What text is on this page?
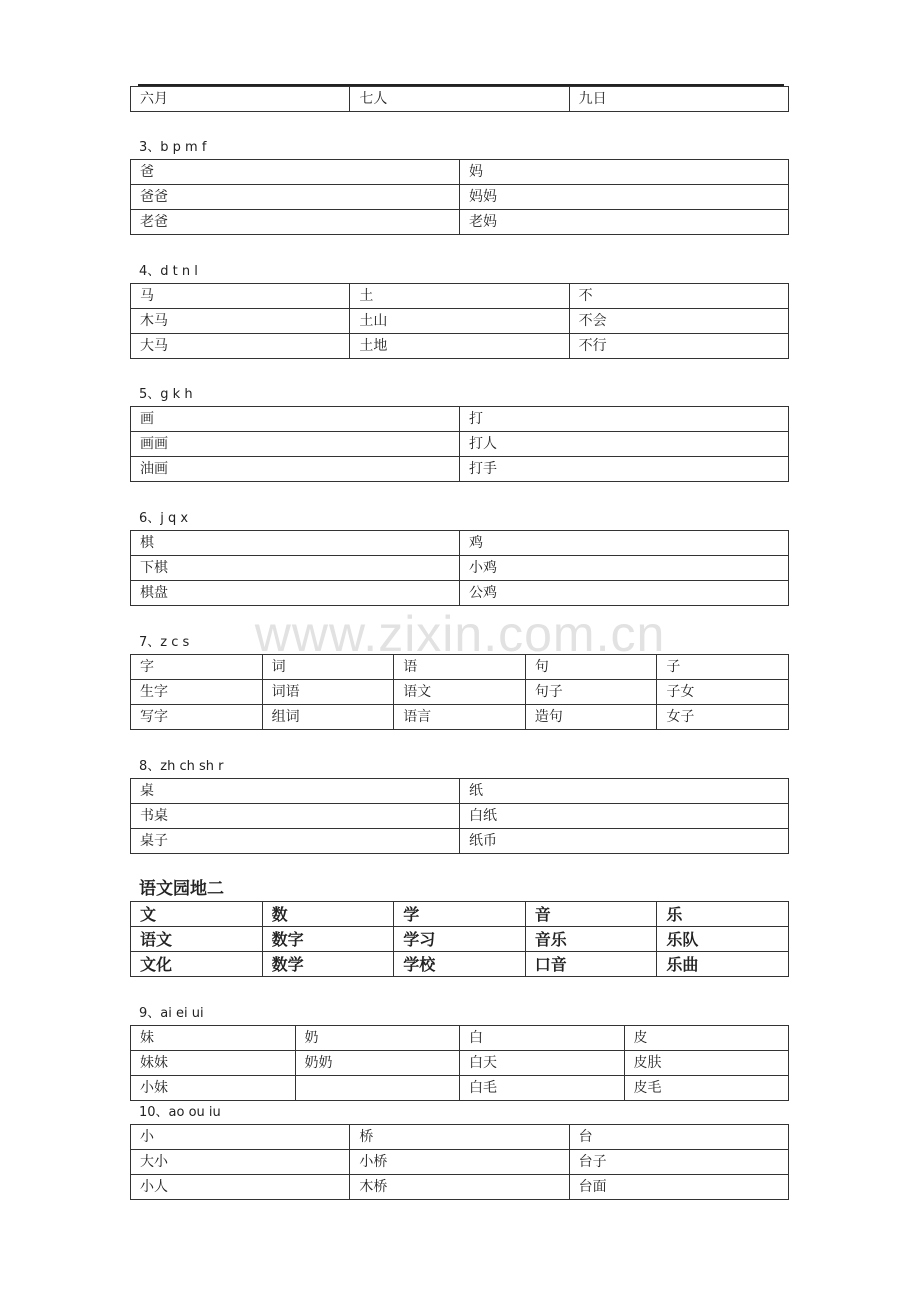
六月	七人	九日
3、b p m f
爸	妈
爸爸	妈妈
老爸	老妈
4、d t n l
马	土	不
木马	土山	不会
大马	土地	不行
5、g k h
画	打
画画	打人
油画	打手
6、j q x
棋	鸡
下棋	小鸡
棋盘	公鸡
7、z c s
字	词	语	句	子
生字	词语	语文	句子	子女
写字	组词	语言	造句	女子
8、zh ch sh r
桌	纸
书桌	白纸
桌子	纸币
语文园地二
文	数	学	音	乐
语文	数字	学习	音乐	乐队
文化	数学	学校	口音	乐曲
9、ai ei ui
妹	奶	白	皮
妹妹	奶奶	白天	皮肤
小妹		白毛	皮毛
10、ao ou iu
小	桥	台
大小	小桥	台子
小人	木桥	台面
www.zixin.com.cn
